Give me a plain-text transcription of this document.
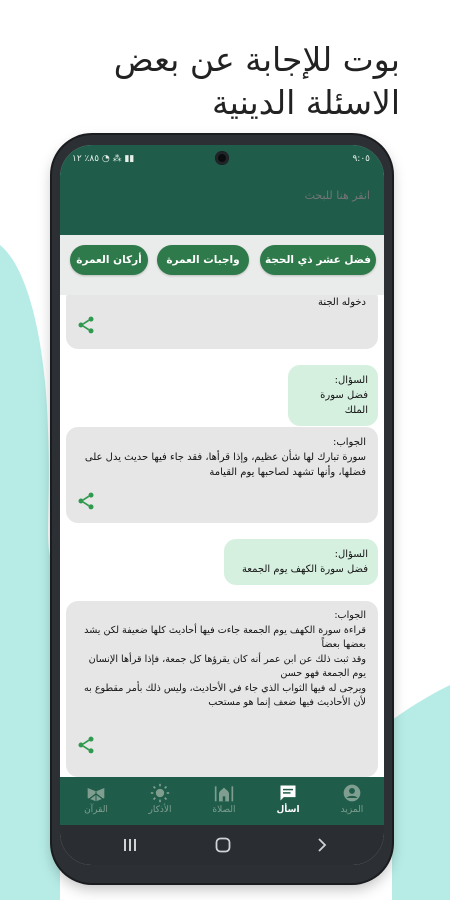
بوت للإجابة عن بعض
الاسئلة الدينية
٨٥٪ ١٢ ◔ ⁂ ▮▮	٩:٠٥
انقر هنا للبحث
فضل عشر ذي الحجة
واجبات العمرة
أركان العمرة
دخوله الجنة
السؤال:
فضل سورة الملك
الجواب:
سورة تبارك لها شأن عظيم، وإذا قرأها، فقد جاء فيها حديث يدل على فضلها، وأنها تشهد لصاحبها يوم القيامة
السؤال:
فضل سورة الكهف يوم الجمعة
الجواب:
قراءة سورة الكهف يوم الجمعة جاءت فيها أحاديث كلها ضعيفة لكن يشد بعضها بعضاً
وقد ثبت ذلك عن ابن عمر أنه كان يقرؤها كل جمعة، فإذا قرأها الإنسان يوم الجمعة فهو حسن
ويرجى له فيها الثواب الذي جاء في الأحاديث، وليس ذلك بأمر مقطوع به لأن الأحاديث فيها ضعف إنما هو مستحب
المزيد
اسأل
الصلاة
الأذكار
القرآن
